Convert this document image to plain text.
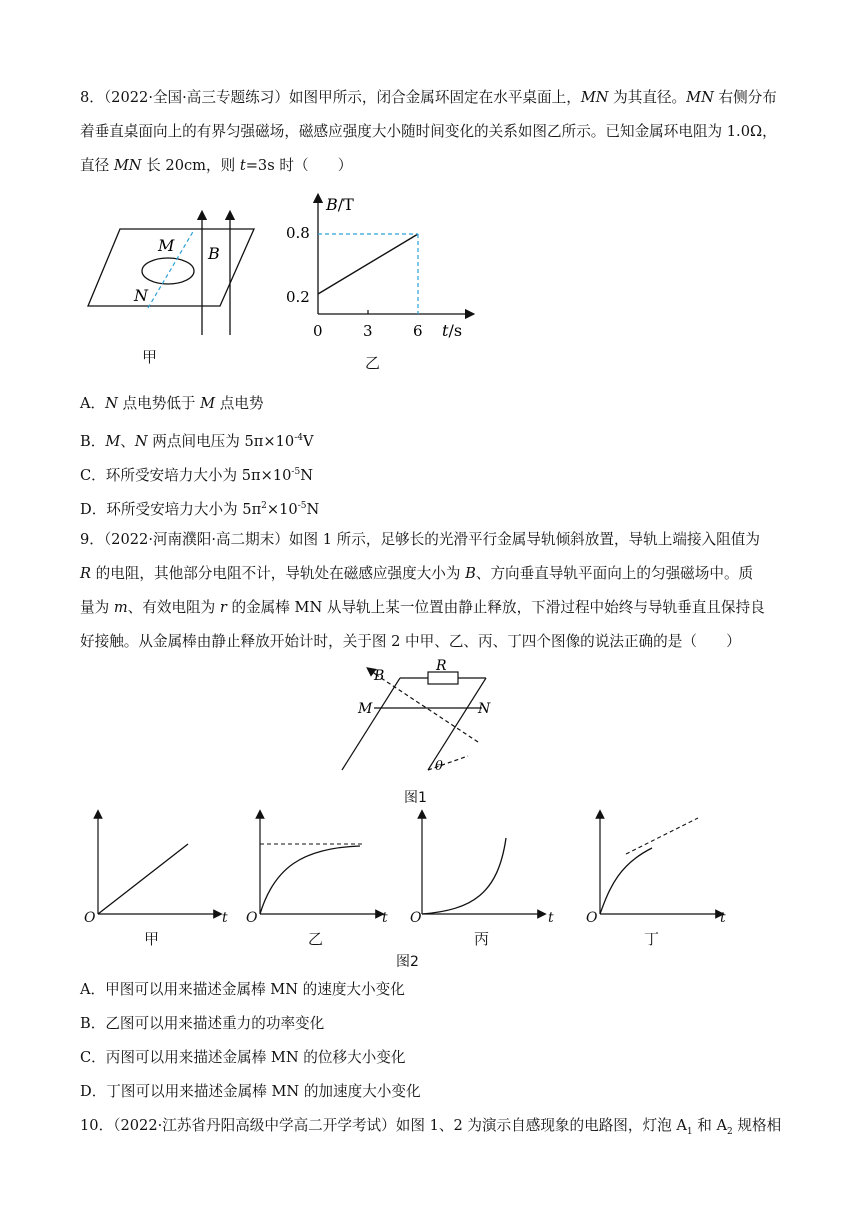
8．（2022·全国·高三专题练习）如图甲所示，闭合金属环固定在水平桌面上，MN 为其直径。MN 右侧分布
着垂直桌面向上的有界匀强磁场，磁感应强度大小随时间变化的关系如图乙所示。已知金属环电阻为 1.0Ω，
直径 MN 长 20cm，则 t=3s 时（　　）
M
N
B
甲
B/T
t/s
0.8
0.2
0	3	6
乙
A．N 点电势低于 M 点电势
B．M、N 两点间电压为 $5\pi\times 10^{-4}V$
C．环所受安培力大小为 $5\pi\times 10^{-5}N$
D．环所受安培力大小为 $5\pi^2\times 10^{-5}N$
9．（2022·河南濮阳·高二期末）如图 1 所示，足够长的光滑平行金属导轨倾斜放置，导轨上端接入阻值为
R 的电阻，其他部分电阻不计，导轨处在磁感应强度大小为 B、方向垂直导轨平面向上的匀强磁场中。质
量为 m、有效电阻为 r 的金属棒 MN 从导轨上某一位置由静止释放，下滑过程中始终与导轨垂直且保持良
好接触。从金属棒由静止释放开始计时，关于图 2 中甲、乙、丙、丁四个图像的说法正确的是（　　）
R
B
M	N
θ
图1
O	t
甲
O	t
乙
O	t
丙
O	t
丁
图2
A．甲图可以用来描述金属棒 MN 的速度大小变化
B．乙图可以用来描述重力的功率变化
C．丙图可以用来描述金属棒 MN 的位移大小变化
D．丁图可以用来描述金属棒 MN 的加速度大小变化
10．（2022·江苏省丹阳高级中学高二开学考试）如图 1、2 为演示自感现象的电路图，灯泡 $A_1$ 和 $A_2$ 规格相
